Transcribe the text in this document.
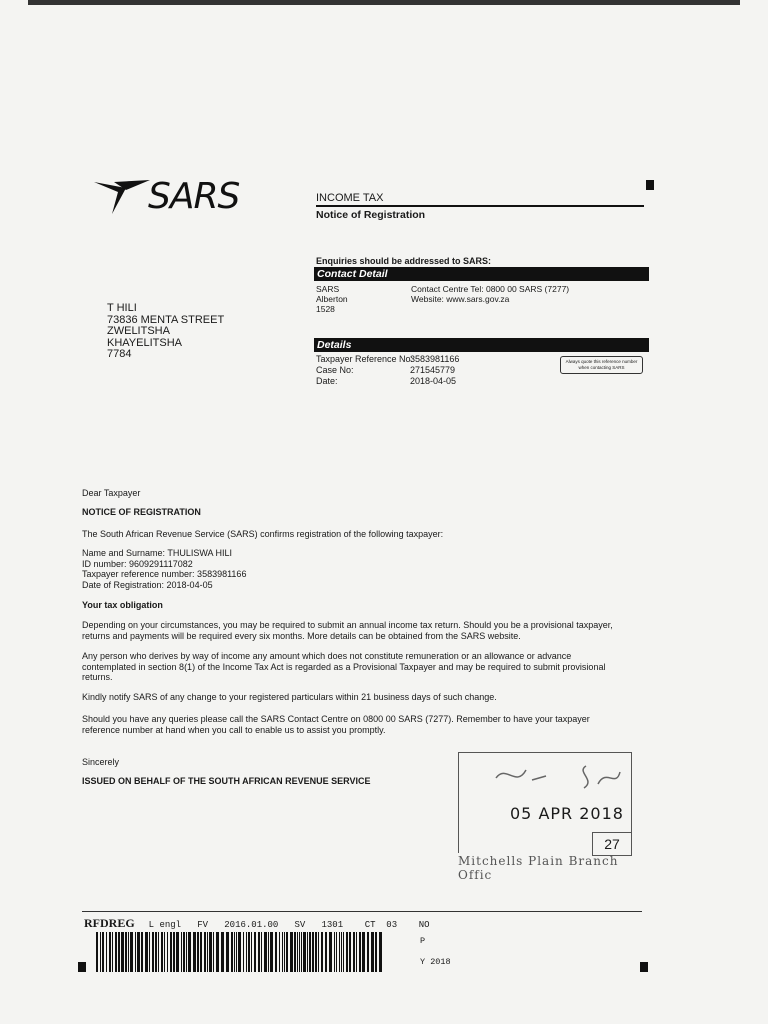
SARS	INCOME TAX
Notice of Registration
Enquiries should be addressed to SARS:
Contact Detail
SARS
Alberton
1528
Contact Centre Tel: 0800 00 SARS (7277)
Website: www.sars.gov.za
T HILI
73836 MENTA STREET
ZWELITSHA
KHAYELITSHA
7784
Details
Taxpayer Reference No:
Case No:
Date:
3583981166
271545779
2018-04-05
Always quote this reference number when contacting SARS
Dear Taxpayer
NOTICE OF REGISTRATION
The South African Revenue Service (SARS) confirms registration of the following taxpayer:
Name and Surname: THULISWA HILI
ID number: 9609291117082
Taxpayer reference number: 3583981166
Date of Registration: 2018-04-05
Your tax obligation
Depending on your circumstances, you may be required to submit an annual income tax return. Should you be a provisional taxpayer,
returns and payments will be required every six months. More details can be obtained from the SARS website.
Any person who derives by way of income any amount which does not constitute remuneration or an allowance or advance
contemplated in section 8(1) of the Income Tax Act is regarded as a Provisional Taxpayer and may be required to submit provisional
returns.
Kindly notify SARS of any change to your registered particulars within 21 business days of such change.
Should you have any queries please call the SARS Contact Centre on 0800 00 SARS (7277). Remember to have your taxpayer
reference number at hand when you call to enable us to assist you promptly.
Sincerely
ISSUED ON BEHALF OF THE SOUTH AFRICAN REVENUE SERVICE
05 APR 2018
27
Mitchells Plain Branch Offic
RFDREG L engl   FV   2016.01.00   SV   1301    CT  03    NO
P
Y 2018
